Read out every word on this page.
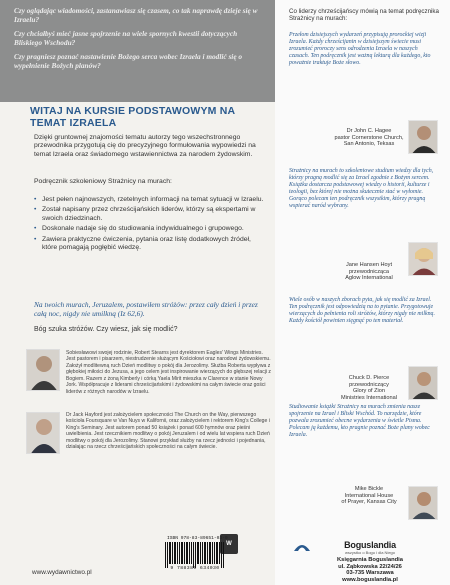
Czy oglądając wiadomości, zastanawiasz się czasem, co tak naprawdę dzieje się w Izraelu?

Czy chciałbyś mieć jasne spojrzenie na wiele spornych kwestii dotyczących Bliskiego Wschodu?

Czy pragniesz poznać nastawienie Bożego serca wobec Izraela i modlić się o wypełnienie Bożych planów?

WITAJ NA KURSIE PODSTAWOWYM NA TEMAT IZRAELA

Dzięki gruntownej znajomości tematu autorzy tego wszechstronnego przewodnika przygotują cię do precyzyjnego formułowania wypowiedzi na temat Izraela oraz świadomego wstawiennictwa za narodem żydowskim.

Podręcznik szkoleniowy Strażnicy na murach:

• Jest pełen najnowszych, rzetelnych informacji na temat sytuacji w Izraelu.
• Został napisany przez chrześcijańskich liderów, którzy są ekspertami w swoich dziedzinach.
• Doskonale nadaje się do studiowania indywidualnego i grupowego.
• Zawiera praktyczne ćwiczenia, pytania oraz listę dodatkowych źródeł, które pomagają pogłębić wiedzę.

Na twoich murach, Jeruzalem, postawiłem stróżów: przez cały dzień i przez całą noc, nigdy nie umilkną (Iz 62,6).

Bóg szuka stróżów. Czy wiesz, jak się modlić?

Sobiesławowi swojej rodzinie, Robert Stearns jest dyrektorem Eagles' Wings Ministries. Jest pastorem i pisarzem, niestrudzenie służącym Kościołowi oraz narodowi żydowskiemu. Założył modlitewną ruch Dzień modlitwy o pokój dla Jerozolimy. Służba Roberta wypływa z głębokiej miłości do Jezusa, a jego celem jest inspirowanie wierzących do głębszej relacji z Bogiem. Razem z żoną Kimberly i córką Yaela Mirit mieszka w Clarence w stanie Nowy Jork. Współpracuje z liderami chrześcijańskimi i żydowskimi na całym świecie oraz gości liderów z różnych narodów w Izraelu.

Dr Jack Hayford jest założycielem społeczności The Church on the Way, pierwszego kościoła Foursquare w Van Nuys w Kalifornii, oraz założycielem i rektorem King's College i King's Seminary. Jest autorem ponad 50 książek i ponad 600 hymnów oraz pieśni uwielbienia. Jest rzecznikiem modlitwy o pokój Jeruzalem i od wielu lat wspiera ruch Dzień modlitwy o pokój dla Jerozolimy. Stanowi przykład służby na rzecz jedności i pojednania, działając na rzecz chrześcijańskich społeczności na całym świecie.

W
ISBN 978-83-89651-03-0
9 788389 634030
www.wydawnictwo.pl

Co liderzy chrześcijańscy mówią na temat podręcznika Strażnicy na murach:

Przełom dzisiejszych wydarzeń przypisują prorockiej wizji Izraela. Każdy chrześcijanin w dzisiejszym świecie musi zrozumieć proroczy sens odrodzenia Izraela w naszych czasach. Ten podręcznik jest ważną lekturą dla każdego, kto poważnie traktuje Boże słowo.

Dr John C. Hagee
pastor Cornerstone Church,
San Antonio, Teksas

Strażnicy na murach to szkoleniowe studium wiedzy dla tych, którzy pragną modlić się za Izrael zgodnie z Bożym sercem. Książka dostarcza podstawowej wiedzy o historii, kulturze i teologii, bez której nie można skutecznie stać w wyłomie. Gorąco polecam ten podręcznik wszystkim, którzy pragną wspierać naród wybrany.

Jane Hansen Hoyt
przewodnicząca
Aglow International

Wiele osób w naszych zborach pyta, jak się modlić za Izrael. Ten podręcznik jest odpowiedzią na to pytanie. Przygotowuje wierzących do pełnienia roli stróżów, którzy nigdy nie milkną. Każdy kościół powinien sięgnąć po ten materiał.

Chuck D. Pierce
przewodniczący
Glory of Zion
Ministries International

Studiowanie książki Strażnicy na murach zmienia nasze spojrzenie na Izrael i Bliski Wschód. To narzędzie, które pozwala zrozumieć obecne wydarzenia w świetle Pisma. Polecam ją każdemu, kto pragnie poznać Boże plany wobec Izraela.

Mike Bickle
International House
of Prayer, Kansas City

Boguslandia
wszystko o Bogu i dla Niego
Księgarnia Boguslandia
ul. Ząbkowska 22/24/26
03-735 Warszawa
www.boguslandia.pl
